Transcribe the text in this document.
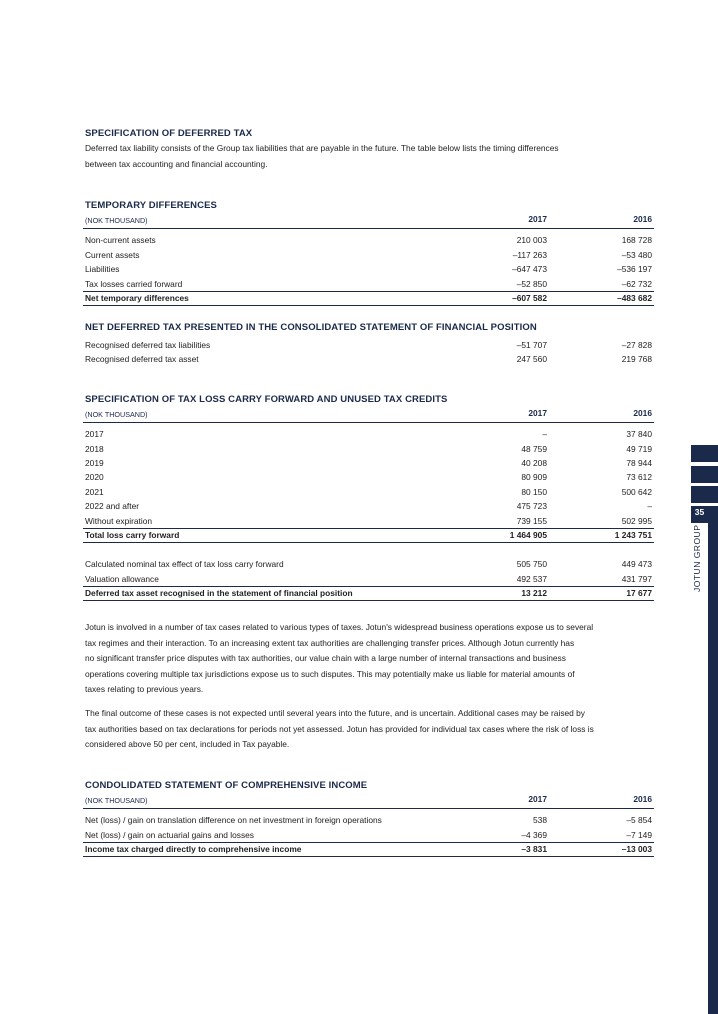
SPECIFICATION OF DEFERRED TAX
Deferred tax liability consists of the Group tax liabilities that are payable in the future. The table below lists the timing differences
between tax accounting and financial accounting.
TEMPORARY DIFFERENCES
(NOK THOUSAND)	2017	2016
Non-current assets	210 003	168 728
Current assets	–117 263	–53 480
Liabilities	–647 473	–536 197
Tax losses carried forward	–52 850	–62 732
Net temporary differences	–607 582	–483 682
NET DEFERRED TAX PRESENTED IN THE CONSOLIDATED STATEMENT OF FINANCIAL POSITION
Recognised deferred tax liabilities	–51 707	–27 828
Recognised deferred tax asset	247 560	219 768
SPECIFICATION OF TAX LOSS CARRY FORWARD AND UNUSED TAX CREDITS
(NOK THOUSAND)	2017	2016
2017	–	37 840
2018	48 759	49 719
2019	40 208	78 944
2020	80 909	73 612
2021	80 150	500 642
2022 and after	475 723	–
Without expiration	739 155	502 995
Total loss carry forward	1 464 905	1 243 751
Calculated nominal tax effect of tax loss carry forward	505 750	449 473
Valuation allowance	492 537	431 797
Deferred tax asset recognised in the statement of financial position	13 212	17 677
Jotun is involved in a number of tax cases related to various types of taxes. Jotun's widespread business operations expose us to several
tax regimes and their interaction. To an increasing extent tax authorities are challenging transfer prices. Although Jotun currently has
no significant transfer price disputes with tax authorities, our value chain with a large number of internal transactions and business
operations covering multiple tax jurisdictions expose us to such disputes. This may potentially make us liable for material amounts of
taxes relating to previous years.
The final outcome of these cases is not expected until several years into the future, and is uncertain. Additional cases may be raised by
tax authorities based on tax declarations for periods not yet assessed. Jotun has provided for individual tax cases where the risk of loss is
considered above 50 per cent, included in Tax payable.
CONDOLIDATED STATEMENT OF COMPREHENSIVE INCOME
(NOK THOUSAND)	2017	2016
Net (loss) / gain on translation difference on net investment in foreign operations	538	–5 854
Net (loss) / gain on actuarial gains and losses	–4 369	–7 149
Income tax charged directly to comprehensive income	–3 831	–13 003
35
JOTUN GROUP
